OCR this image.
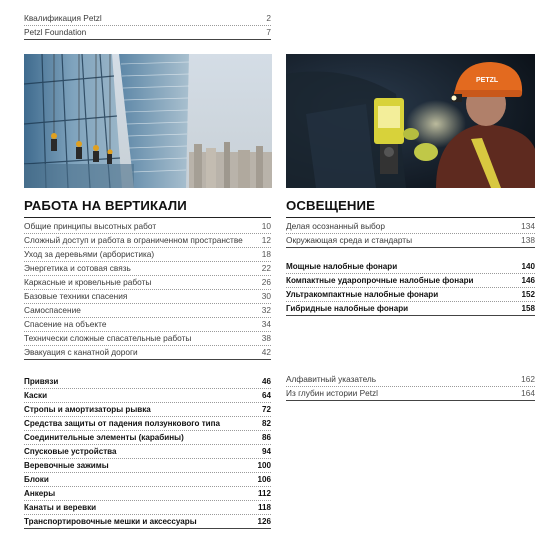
Квалификация Petzl	2
Petzl Foundation	7
PETZL
РАБОТА НА ВЕРТИКАЛИ
Общие принципы высотных работ	10
Сложный доступ и работа в ограниченном пространстве 12
Уход за деревьями (арбористика)	18
Энергетика и сотовая связь	22
Каркасные и кровельные работы	26
Базовые техники спасения	30
Самоспасение	32
Спасение на объекте	34
Технически сложные спасательные работы	38
Эвакуация с канатной дороги	42
Привязи	46
Каски	64
Стропы и амортизаторы рывка	72
Средства защиты от падения ползункового типа	82
Соединительные элементы (карабины)	86
Спусковые устройства	94
Веревочные зажимы	100
Блоки	106
Анкеры	112
Канаты и веревки	118
Транспортировочные мешки и аксессуары	126
ОСВЕЩЕНИЕ
Делая осознанный выбор	134
Окружающая среда и стандарты	138
Мощные налобные фонари	140
Компактные ударопрочные налобные фонари	146
Ультракомпактные налобные фонари	152
Гибридные налобные фонари	158
Алфавитный указатель	162
Из глубин истории Petzl	164
